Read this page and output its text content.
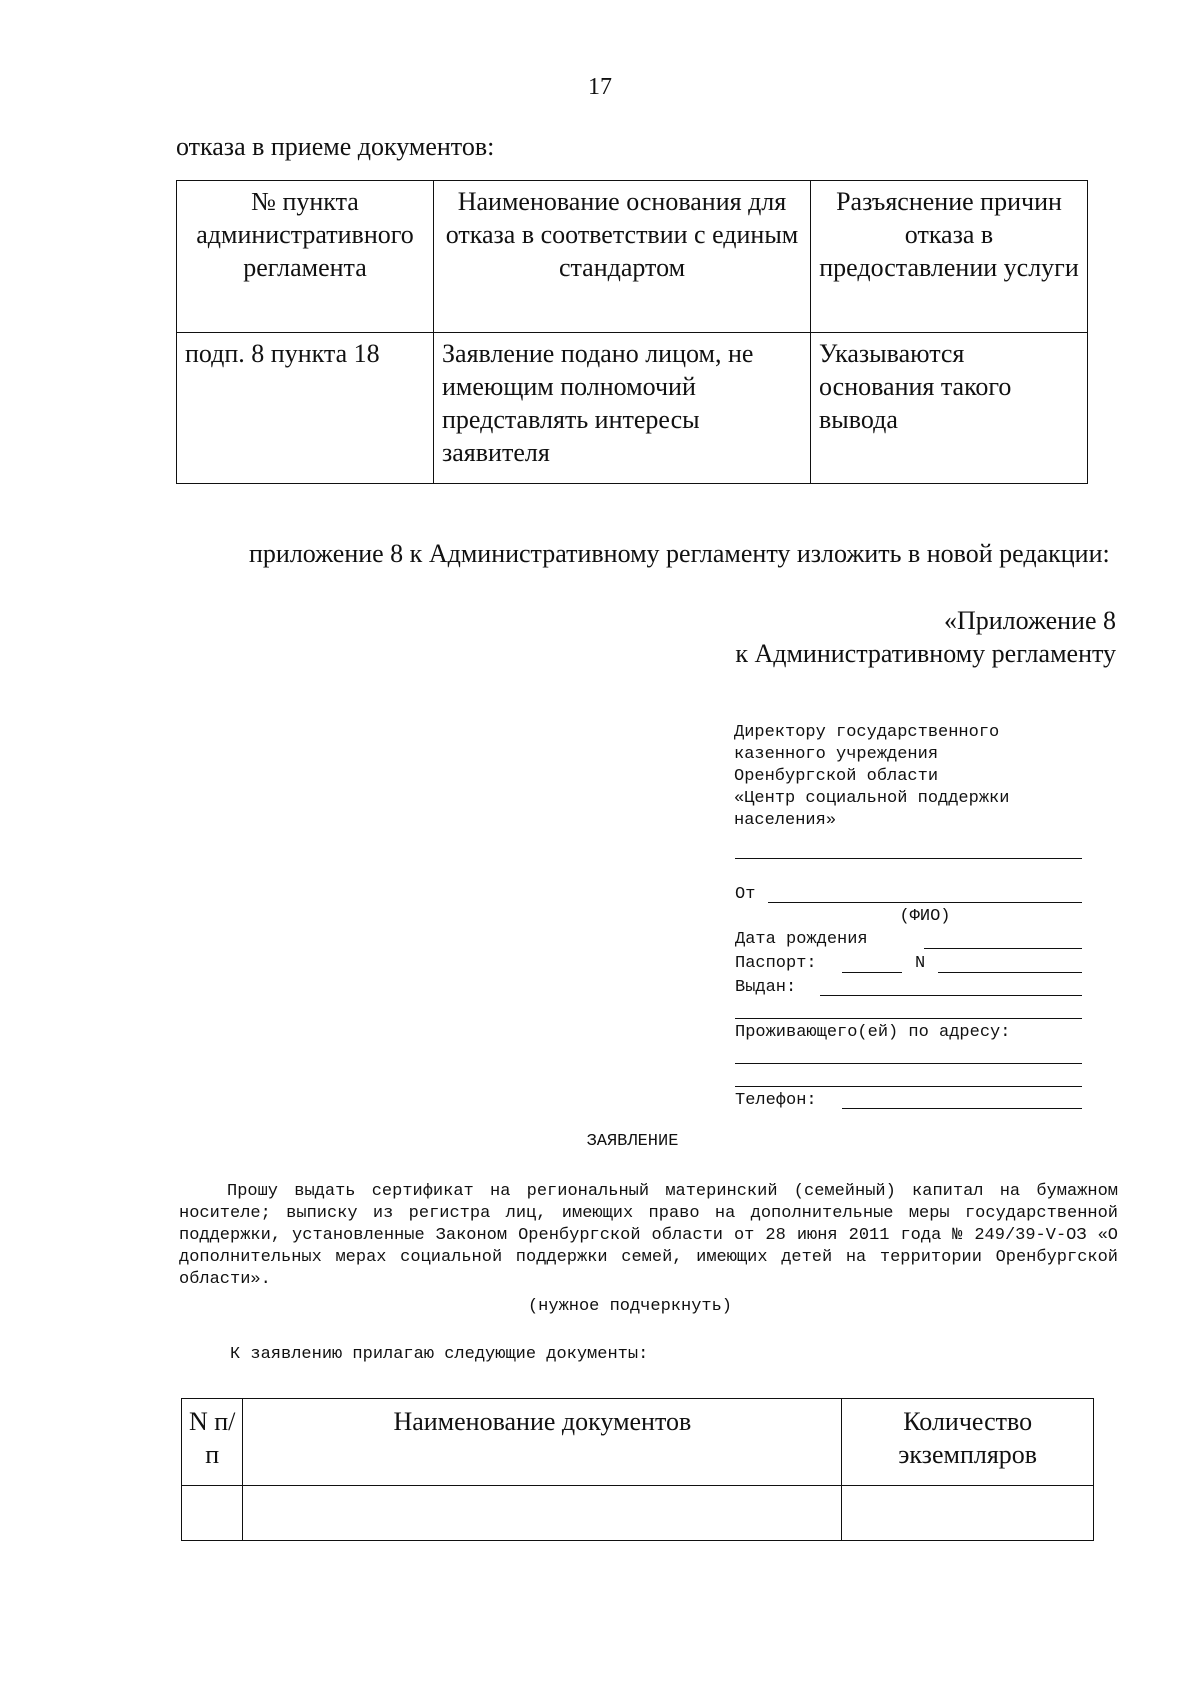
17
отказа в приеме документов:
№ пункта административного регламента	Наименование основания для отказа в соответствии с единым стандартом	Разъяснение причин отказа в предоставлении услуги
подп. 8 пункта 18	Заявление подано лицом, не имеющим полномочий представлять интересы заявителя	Указываются основания такого вывода
приложение 8 к Административному регламенту изложить в новой редакции:
«Приложение 8
к Административному регламенту
Директору государственного
казенного учреждения
Оренбургской области
«Центр социальной поддержки
населения»
От
(ФИО)
Дата рождения
Паспорт:	N
Выдан:
Проживающего(ей) по адресу:
Телефон:
ЗАЯВЛЕНИЕ
Прошу выдать сертификат на региональный материнский (семейный) капитал на бумажном носителе; выписку из регистра лиц, имеющих право на дополнительные меры государственной поддержки, установленные Законом Оренбургской области от 28 июня 2011 года № 249/39-V-ОЗ «О дополнительных мерах социальной поддержки семей, имеющих детей на территории Оренбургской области».
(нужное подчеркнуть)
К заявлению прилагаю следующие документы:
N п/п	Наименование документов	Количество экземпляров
